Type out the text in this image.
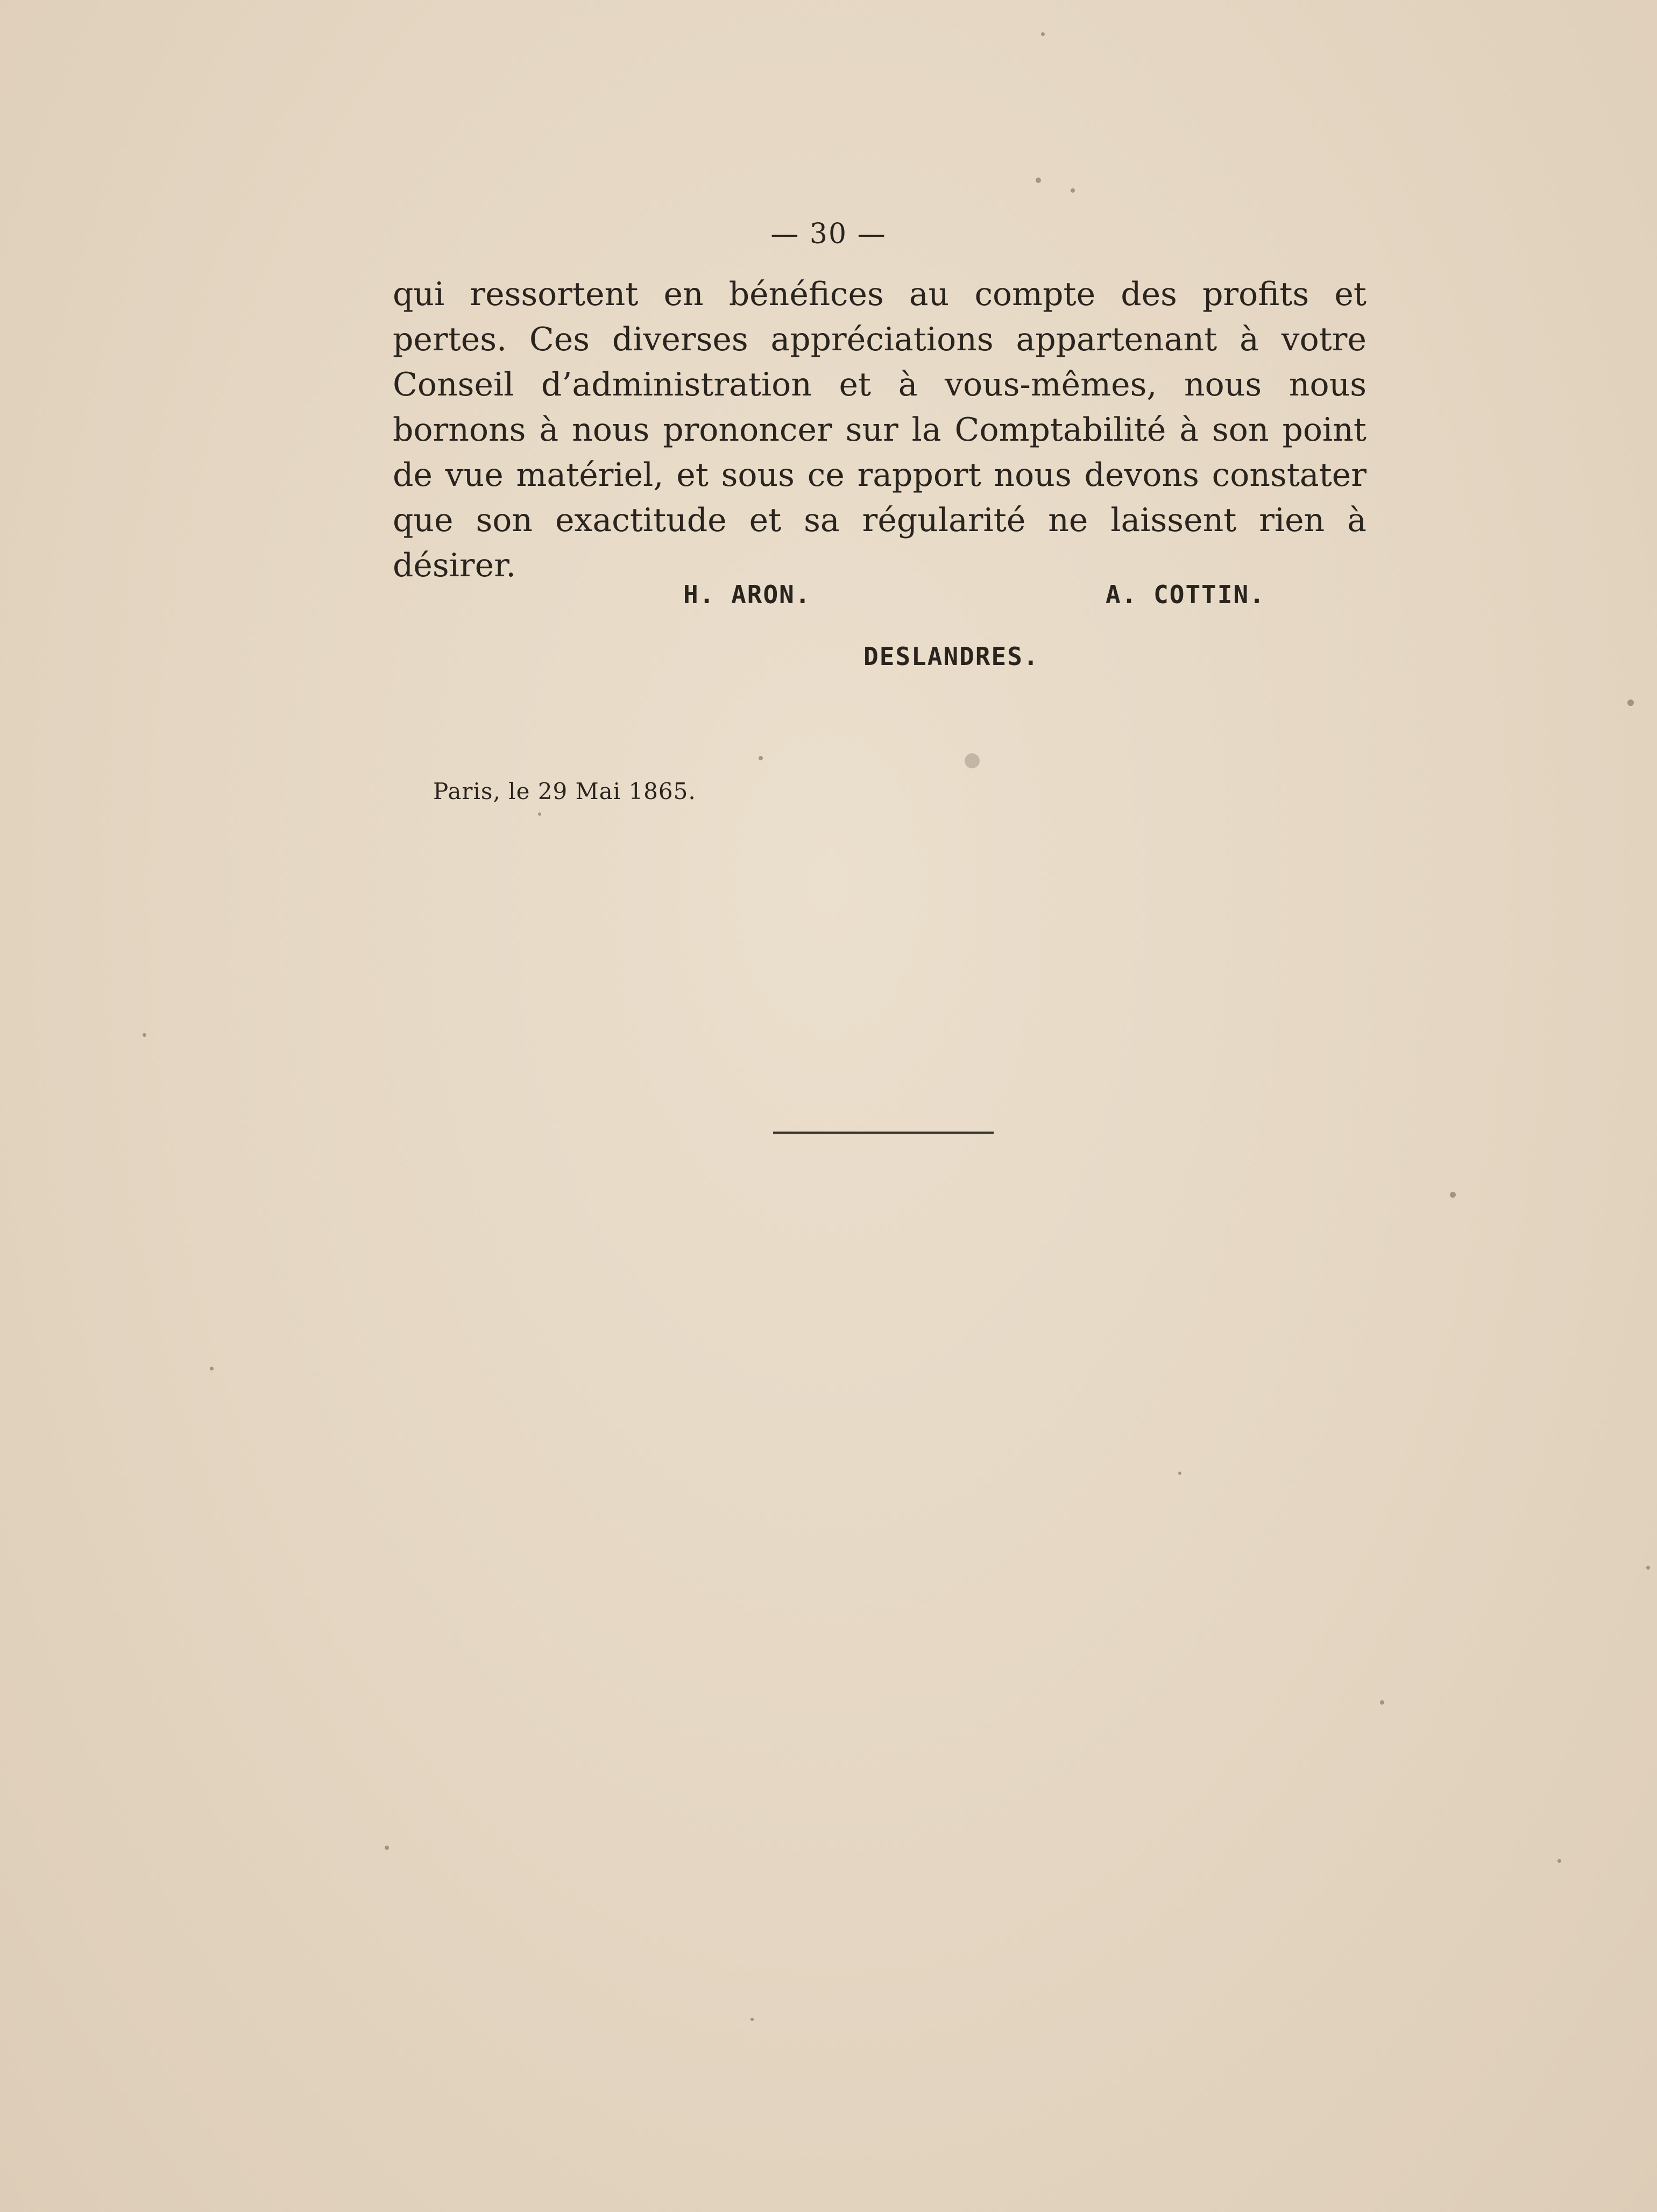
— 30 —

qui ressortent en bénéfices au compte des profits et pertes. Ces diverses appréciations appartenant à votre Conseil d’administration et à vous-mêmes, nous nous bornons à nous prononcer sur la Comptabilité à son point de vue matériel, et sous ce rapport nous devons constater que son exactitude et sa régularité ne laissent rien à désirer.

H. ARON.	A. COTTIN.
DESLANDRES.
Paris, le 29 Mai 1865.
